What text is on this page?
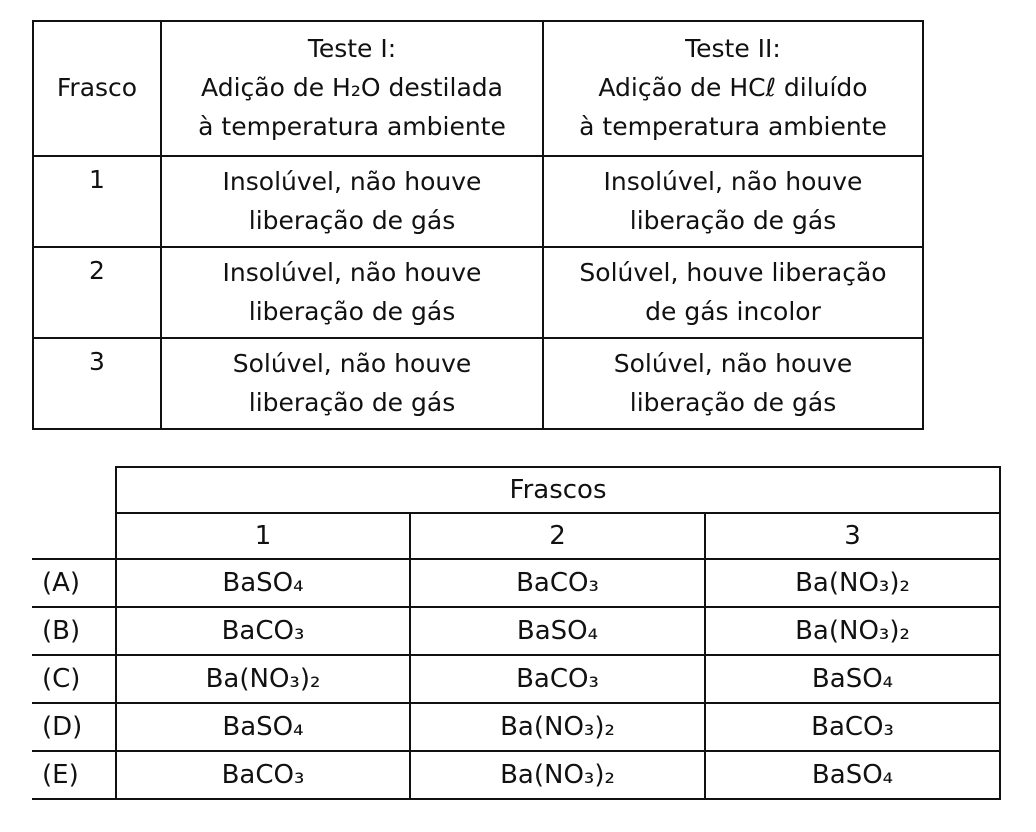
Frasco	Teste I:
Adição de H₂O destilada
à temperatura ambiente	Teste II:
Adição de HCℓ diluído
à temperatura ambiente

1	Insolúvel, não houve
liberação de gás	Insolúvel, não houve
liberação de gás

2	Insolúvel, não houve
liberação de gás	Solúvel, houve liberação
de gás incolor

3	Solúvel, não houve
liberação de gás	Solúvel, não houve
liberação de gás
	Frascos		
	1	2	3
(A)	BaSO₄	BaCO₃	Ba(NO₃)₂
(B)	BaCO₃	BaSO₄	Ba(NO₃)₂
(C)	Ba(NO₃)₂	BaCO₃	BaSO₄
(D)	BaSO₄	Ba(NO₃)₂	BaCO₃
(E)	BaCO₃	Ba(NO₃)₂	BaSO₄
